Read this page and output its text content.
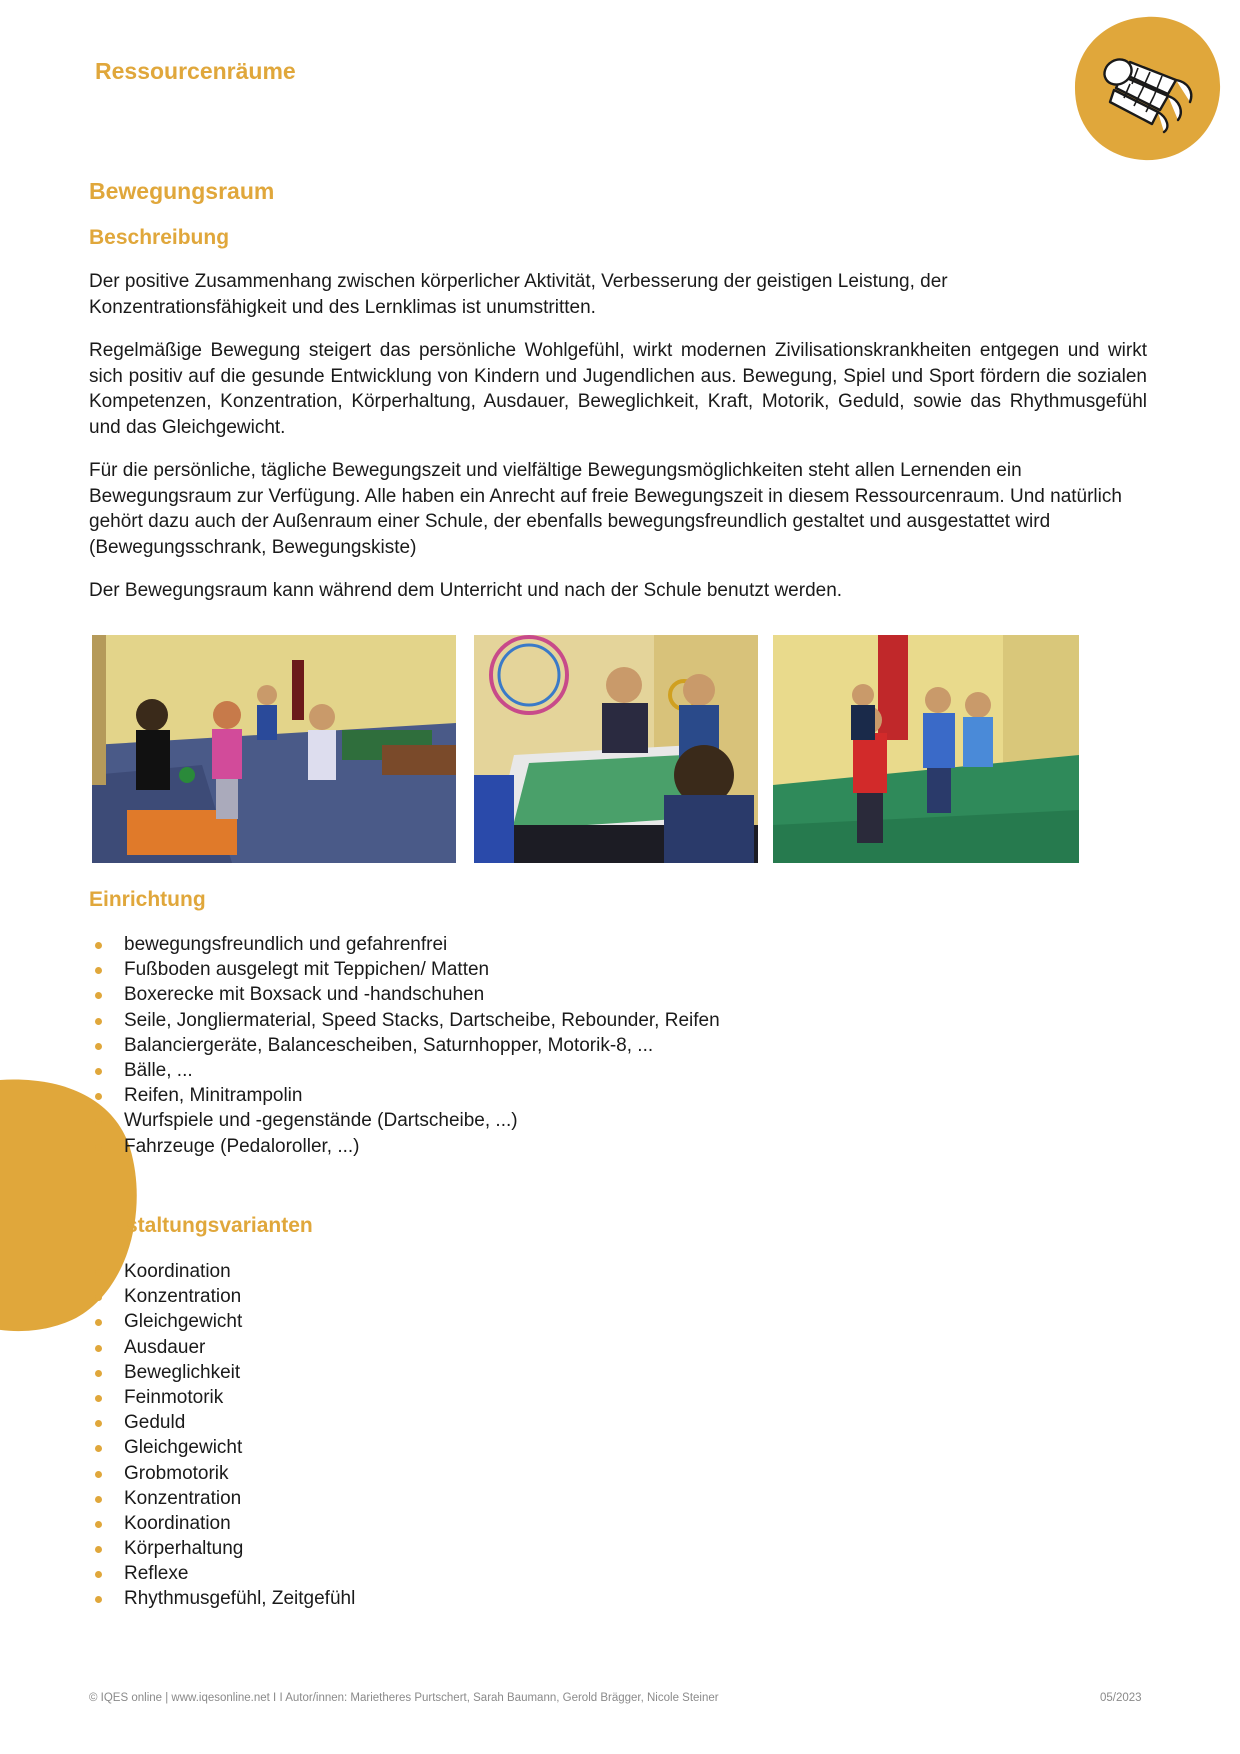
Ressourcenräume
Bewegungsraum
Beschreibung

Der positive Zusammenhang zwischen körperlicher Aktivität, Verbesserung der geistigen Leistung, der Konzentrationsfähigkeit und des Lernklimas ist unumstritten.

Regelmäßige Bewegung steigert das persönliche Wohlgefühl, wirkt modernen Zivilisationskrankheiten entgegen und wirkt sich positiv auf die gesunde Entwicklung von Kindern und Jugendlichen aus. Bewegung, Spiel und Sport fördern die sozialen Kompetenzen, Konzentration, Körperhaltung, Ausdauer, Beweglichkeit, Kraft, Motorik, Geduld, sowie das Rhythmusgefühl und das Gleichgewicht.

Für die persönliche, tägliche Bewegungszeit und vielfältige Bewegungsmöglichkeiten steht allen Lernenden ein Bewegungsraum zur Verfügung. Alle haben ein Anrecht auf freie Bewegungszeit in diesem Ressourcenraum. Und natürlich gehört dazu auch der Außenraum einer Schule, der ebenfalls bewegungsfreundlich gestaltet und ausgestattet wird (Bewegungsschrank, Bewegungskiste)

Der Bewegungsraum kann während dem Unterricht und nach der Schule benutzt werden.

Einrichtung
bewegungsfreundlich und gefahrenfrei
Fußboden ausgelegt mit Teppichen/ Matten
Boxerecke mit Boxsack und -handschuhen
Seile, Jongliermaterial, Speed Stacks, Dartscheibe, Rebounder, Reifen
Balanciergeräte, Balancescheiben, Saturnhopper, Motorik-8, ...
Bälle, ...
Reifen, Minitrampolin
Wurfspiele und -gegenstände (Dartscheibe, ...)
Fahrzeuge (Pedaloroller, ...)
staltungsvarianten
Koordination
Konzentration
Gleichgewicht
Ausdauer
Beweglichkeit
Feinmotorik
Geduld
Gleichgewicht
Grobmotorik
Konzentration
Koordination
Körperhaltung
Reflexe
Rhythmusgefühl, Zeitgefühl
© IQES online | www.iqesonline.net I I Autor/innen: Marietheres Purtschert, Sarah Baumann, Gerold Brägger, Nicole Steiner	05/2023
